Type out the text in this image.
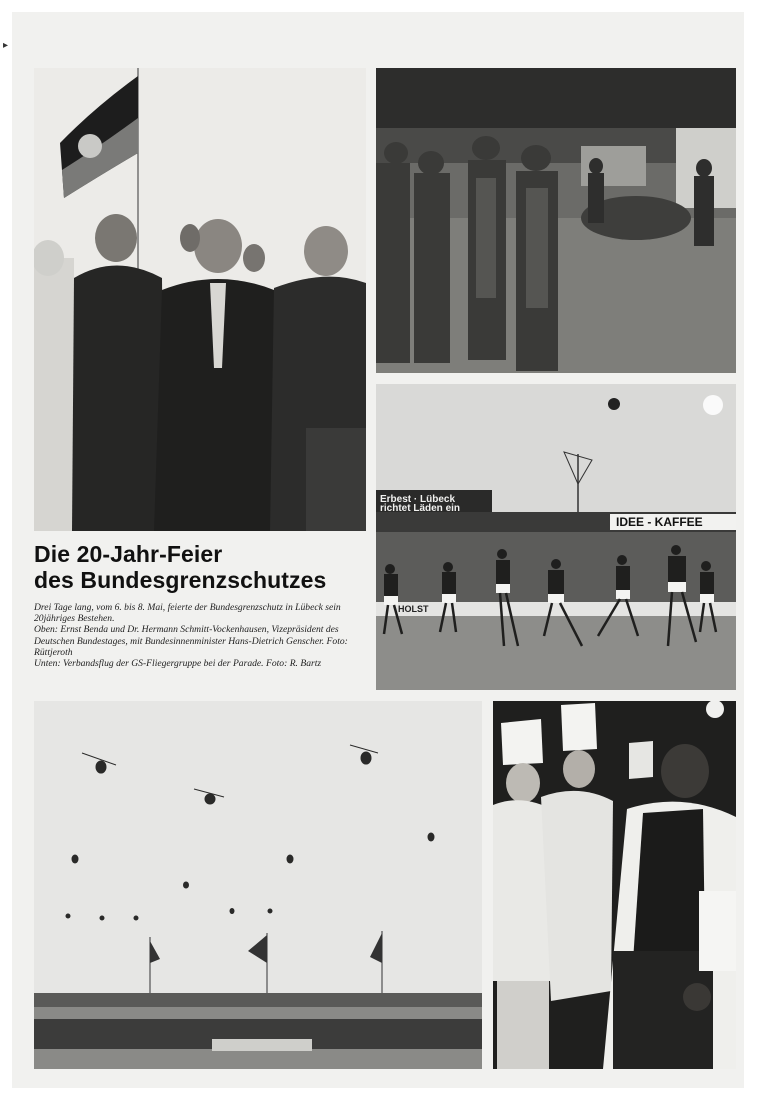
▸
Erbest · Lübeck
richtet Läden ein
IDEE - KAFFEE
HOLST
Die 20-Jahr-Feier
des Bundesgrenzschutzes

Drei Tage lang, vom 6. bis 8. Mai, feierte der Bundesgrenzschutz in Lübeck sein 20jähriges Bestehen.

Oben: Ernst Benda und Dr. Hermann Schmitt-Vockenhausen, Vizepräsident des Deutschen Bundestages, mit Bundesinnenminister Hans-Dietrich Genscher. Foto: Rüttjeroth

Unten: Verbandsflug der GS-Fliegergruppe bei der Parade. Foto: R. Bartz
